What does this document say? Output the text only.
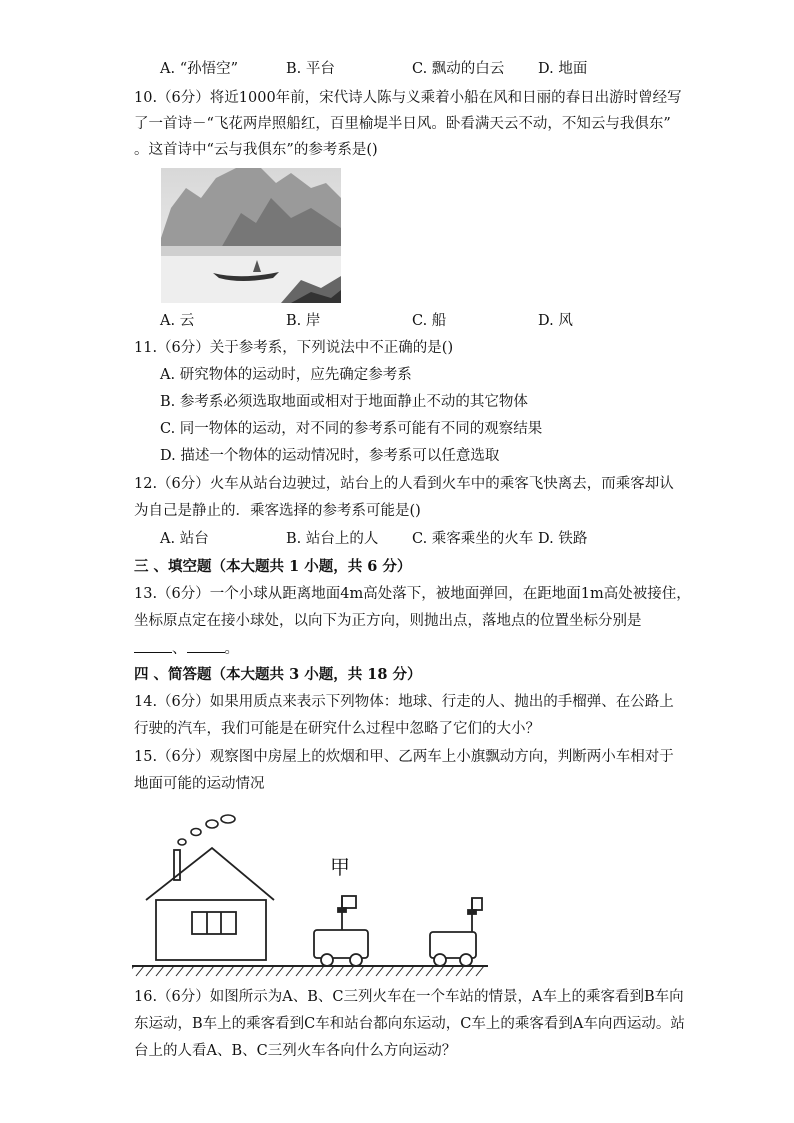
A. “孙悟空”	B. 平台	C. 飘动的白云 D. 地面
10.（6分）将近1000年前，宋代诗人陈与义乘着小船在风和日丽的春日出游时曾经写
了一首诗－“飞花两岸照船红，百里榆堤半日风。卧看满天云不动，不知云与我俱东”
。这首诗中“云与我俱东”的参考系是()
A. 云	B. 岸	C. 船	D. 风
11.（6分）关于参考系，下列说法中不正确的是()
A. 研究物体的运动时，应先确定参考系
B. 参考系必须选取地面或相对于地面静止不动的其它物体
C. 同一物体的运动，对不同的参考系可能有不同的观察结果
D. 描述一个物体的运动情况时，参考系可以任意选取
12.（6分）火车从站台边驶过，站台上的人看到火车中的乘客飞快离去，而乘客却认
为自己是静止的．乘客选择的参考系可能是()
A. 站台	B. 站台上的人 C. 乘客乘坐的火车 D. 铁路
三 、填空题（本大题共 1 小题，共 6 分）
13.（6分）一个小球从距离地面4m高处落下，被地面弹回，在距地面1m高处被接住，
坐标原点定在接小球处，以向下为正方向，则抛出点，落地点的位置坐标分别是
、	。
四 、简答题（本大题共 3 小题，共 18 分）
14.（6分）如果用质点来表示下列物体：地球、行走的人、抛出的手榴弹、在公路上
行驶的汽车，我们可能是在研究什么过程中忽略了它们的大小？
15.（6分）观察图中房屋上的炊烟和甲、乙两车上小旗飘动方向，判断两小车相对于
地面可能的运动情况
甲
16.（6分）如图所示为A、B、C三列火车在一个车站的情景，A车上的乘客看到B车向
东运动，B车上的乘客看到C车和站台都向东运动，C车上的乘客看到A车向西运动。站
台上的人看A、B、C三列火车各向什么方向运动？
